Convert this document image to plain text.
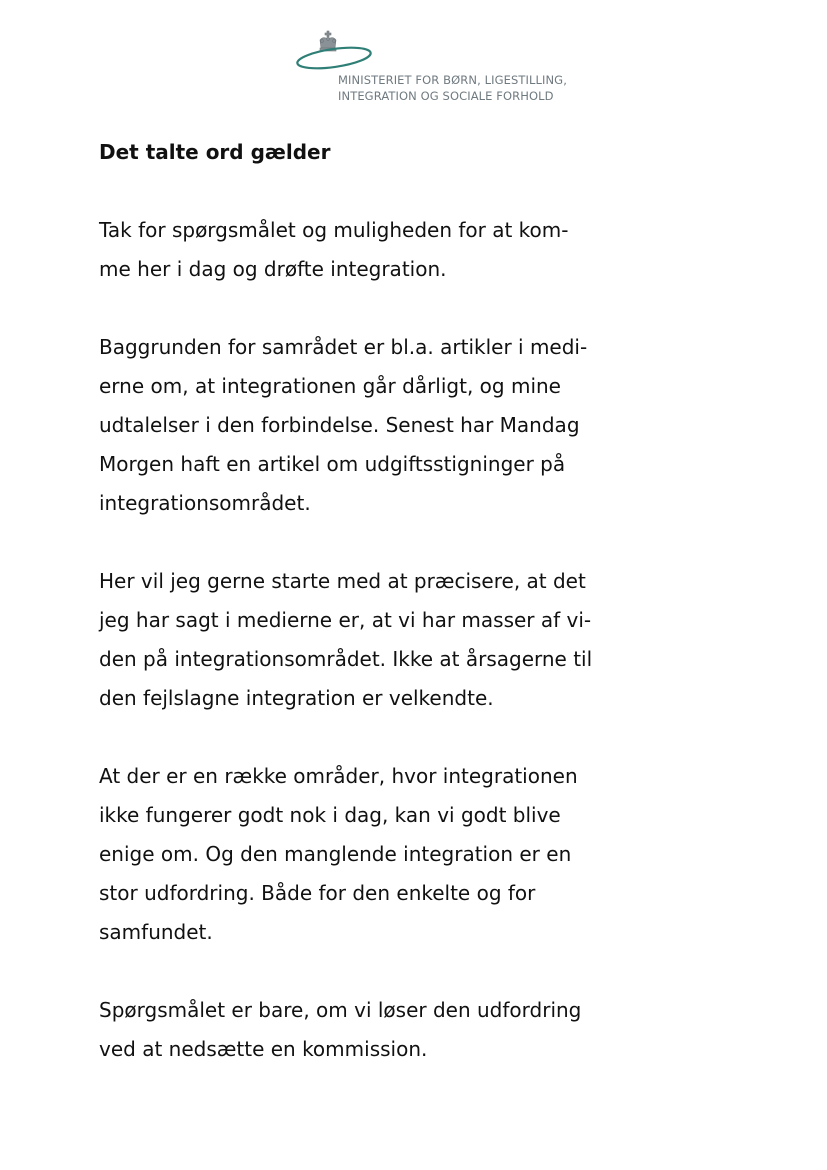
MINISTERIET FOR BØRN, LIGESTILLING,
INTEGRATION OG SOCIALE FORHOLD
Det talte ord gælder
Tak for spørgsmålet og muligheden for at kom-
me her i dag og drøfte integration.
Baggrunden for samrådet er bl.a. artikler i medi-
erne om, at integrationen går dårligt, og mine
udtalelser i den forbindelse. Senest har Mandag
Morgen haft en artikel om udgiftsstigninger på
integrationsområdet.
Her vil jeg gerne starte med at præcisere, at det
jeg har sagt i medierne er, at vi har masser af vi-
den på integrationsområdet. Ikke at årsagerne til
den fejlslagne integration er velkendte.
At der er en række områder, hvor integrationen
ikke fungerer godt nok i dag, kan vi godt blive
enige om. Og den manglende integration er en
stor udfordring. Både for den enkelte og for
samfundet.
Spørgsmålet er bare, om vi løser den udfordring
ved at nedsætte en kommission.
